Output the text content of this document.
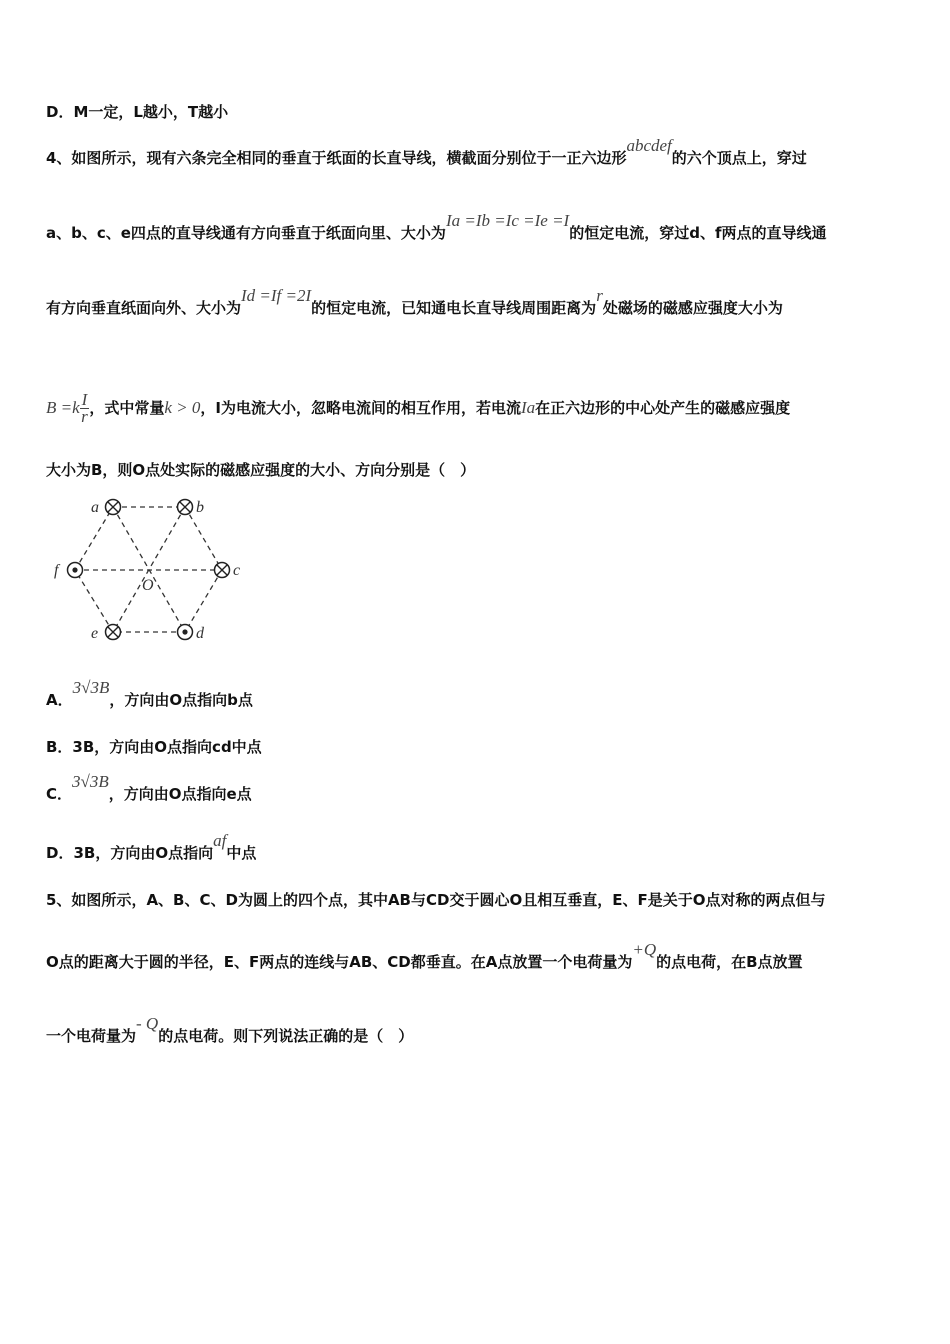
D．M一定，L越小，T越小
4、如图所示，现有六条完全相同的垂直于纸面的长直导线，横截面分别位于一正六边形abcdef的六个顶点上，穿过
a、b、c、e四点的直导线通有方向垂直于纸面向里、大小为Ia =Ib =Ic =Ie =I的恒定电流，穿过d、f两点的直导线通
有方向垂直纸面向外、大小为Id =If =2I的恒定电流，已知通电长直导线周围距离为r处磁场的磁感应强度大小为
$B =k \frac{I}{r}$ ，式中常量k > 0，I为电流大小，忽略电流间的相互作用，若电流Ia在正六边形的中心处产生的磁感应强度
大小为B，则O点处实际的磁感应强度的大小、方向分别是（　）
a	b
c
d
e
f
O
A．3√3B，方向由O点指向b点
B．3B，方向由O点指向cd中点
C．3√3B，方向由O点指向e点
D．3B，方向由O点指向af中点
5、如图所示，A、B、C、D为圆上的四个点，其中AB与CD交于圆心O且相互垂直，E、F是关于O点对称的两点但与
O点的距离大于圆的半径，E、F两点的连线与AB、CD都垂直。在A点放置一个电荷量为+Q的点电荷，在B点放置
一个电荷量为- Q的点电荷。则下列说法正确的是（　）
